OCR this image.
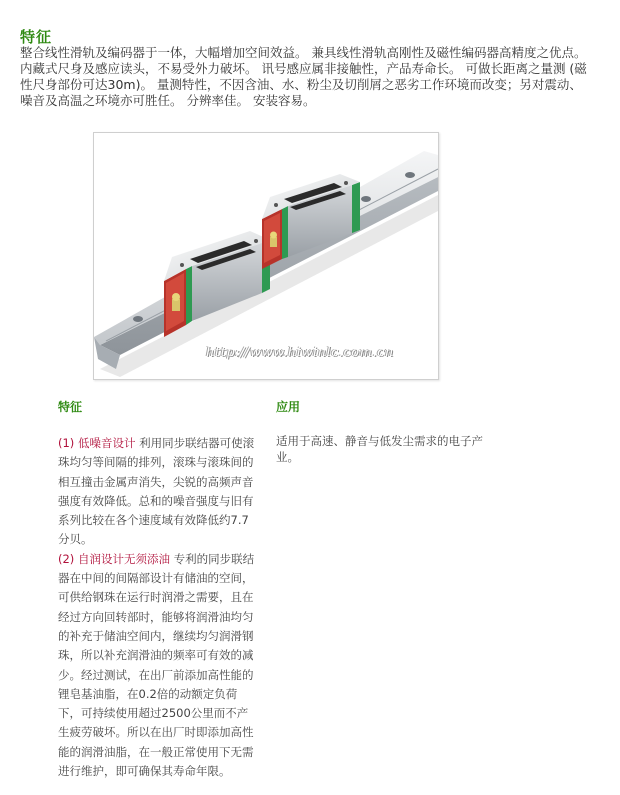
特征
整合线性滑轨及编码器于一体，大幅增加空间效益。 兼具线性滑轨高刚性及磁性编码器高精度之优点。 内藏式尺身及感应读头，不易受外力破坏。 讯号感应属非接触性，产品寿命长。 可做长距离之量测 (磁性尺身部份可达30m)。 量测特性，不因含油、水、粉尘及切削屑之恶劣工作环境而改变；另对震动、噪音及高温之环境亦可胜任。 分辨率佳。 安装容易。
http://www.hiwinlc.com.cn
特征	应用

(1) 低噪音设计 利用同步联结器可使滚珠均匀等间隔的排列，滚珠与滚珠间的相互撞击金属声消失，尖锐的高频声音强度有效降低。总和的噪音强度与旧有系列比较在各个速度域有效降低约7.7分贝。

(2) 自润设计无须添油 专利的同步联结器在中间的间隔部设计有储油的空间，可供给钢珠在运行时润滑之需要，且在经过方向回转部时，能够将润滑油均匀的补充于储油空间内，继续均匀润滑钢珠，所以补充润滑油的频率可有效的减少。经过测试，在出厂前添加高性能的锂皂基油脂，在0.2倍的动额定负荷下，可持续使用超过2500公里而不产生疲劳破坏。所以在出厂时即添加高性能的润滑油脂，在一般正常使用下无需进行维护，即可确保其寿命年限。

适用于高速、静音与低发尘需求的电子产业。
